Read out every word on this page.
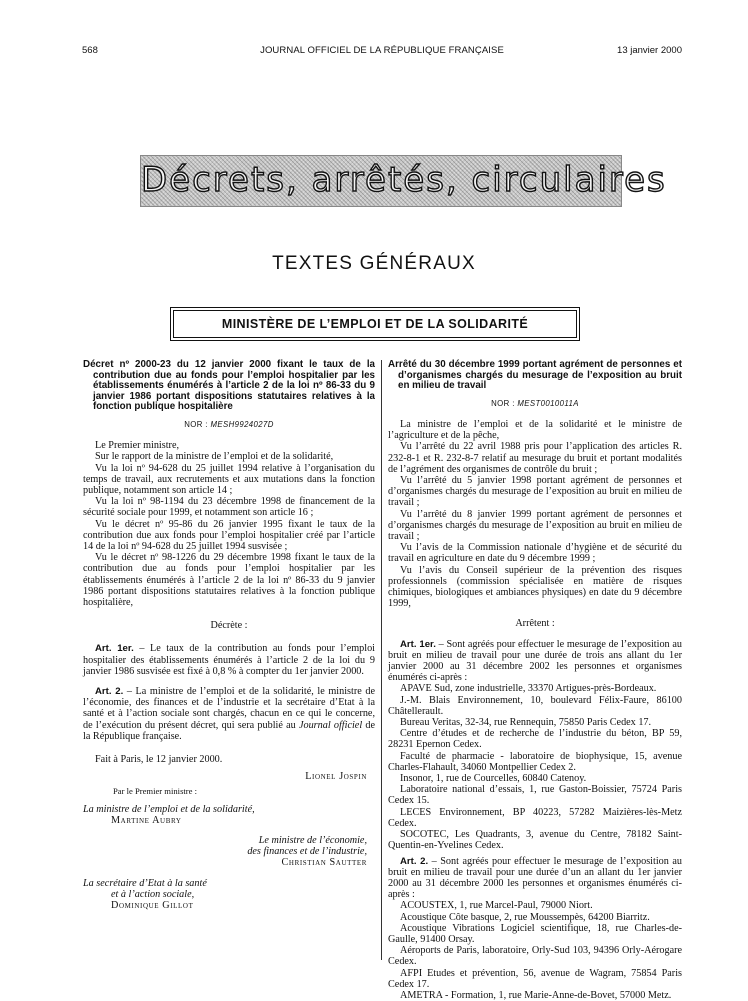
568	JOURNAL OFFICIEL DE LA RÉPUBLIQUE FRANÇAISE	13 janvier 2000
Décrets, arrêtés, circulaires
TEXTES GÉNÉRAUX
MINISTÈRE DE L’EMPLOI ET DE LA SOLIDARITÉ
Décret nº 2000-23 du 12 janvier 2000 fixant le taux de la contribution due au fonds pour l’emploi hospitalier par les établissements énumérés à l’article 2 de la loi nº 86-33 du 9 janvier 1986 portant dispositions statutaires relatives à la fonction publique hospitalière
NOR : MESH9924027D

Le Premier ministre,

Sur le rapport de la ministre de l’emploi et de la solidarité,

Vu la loi nº 94-628 du 25 juillet 1994 relative à l’organisation du temps de travail, aux recrutements et aux mutations dans la fonction publique, notamment son article 14 ;

Vu la loi nº 98-1194 du 23 décembre 1998 de financement de la sécurité sociale pour 1999, et notamment son article 16 ;

Vu le décret nº 95-86 du 26 janvier 1995 fixant le taux de la contribution due aux fonds pour l’emploi hospitalier créé par l’article 14 de la loi nº 94-628 du 25 juillet 1994 susvisée ;

Vu le décret nº 98-1226 du 29 décembre 1998 fixant le taux de la contribution due au fonds pour l’emploi hospitalier par les établissements énumérés à l’article 2 de la loi nº 86-33 du 9 janvier 1986 portant dispositions statutaires relatives à la fonction publique hospitalière,

Décrète :

Art. 1er. – Le taux de la contribution au fonds pour l’emploi hospitalier des établissements énumérés à l’article 2 de la loi du 9 janvier 1986 susvisée est fixé à 0,8 % à compter du 1er janvier 2000.

Art. 2. – La ministre de l’emploi et de la solidarité, le ministre de l’économie, des finances et de l’industrie et la secrétaire d’Etat à la santé et à l’action sociale sont chargés, chacun en ce qui le concerne, de l’exécution du présent décret, qui sera publié au Journal officiel de la République française.

Fait à Paris, le 12 janvier 2000.

Lionel Jospin

Par le Premier ministre :

La ministre de l’emploi et de la solidarité,

Martine Aubry

Le ministre de l’économie,

des finances et de l’industrie,

Christian Sautter

La secrétaire d’Etat à la santé

et à l’action sociale,

Dominique Gillot

Arrêté du 30 décembre 1999 portant agrément de personnes et d’organismes chargés du mesurage de l’exposition au bruit en milieu de travail
NOR : MEST0010011A

La ministre de l’emploi et de la solidarité et le ministre de l’agriculture et de la pêche,

Vu l’arrêté du 22 avril 1988 pris pour l’application des articles R. 232-8-1 et R. 232-8-7 relatif au mesurage du bruit et portant modalités de l’agrément des organismes de contrôle du bruit ;

Vu l’arrêté du 5 janvier 1998 portant agrément de personnes et d’organismes chargés du mesurage de l’exposition au bruit en milieu de travail ;

Vu l’arrêté du 8 janvier 1999 portant agrément de personnes et d’organismes chargés du mesurage de l’exposition au bruit en milieu de travail ;

Vu l’avis de la Commission nationale d’hygiène et de sécurité du travail en agriculture en date du 9 décembre 1999 ;

Vu l’avis du Conseil supérieur de la prévention des risques professionnels (commission spécialisée en matière de risques chimiques, biologiques et ambiances physiques) en date du 9 décembre 1999,

Arrêtent :

Art. 1er. – Sont agréés pour effectuer le mesurage de l’exposition au bruit en milieu de travail pour une durée de trois ans allant du 1er janvier 2000 au 31 décembre 2002 les personnes et organismes énumérés ci-après :

APAVE Sud, zone industrielle, 33370 Artigues-près-Bordeaux.

J.-M. Blais Environnement, 10, boulevard Félix-Faure, 86100 Châtellerault.

Bureau Veritas, 32-34, rue Rennequin, 75850 Paris Cedex 17.

Centre d’études et de recherche de l’industrie du béton, BP 59, 28231 Epernon Cedex.

Faculté de pharmacie - laboratoire de biophysique, 15, avenue Charles-Flahault, 34060 Montpellier Cedex 2.

Insonor, 1, rue de Courcelles, 60840 Catenoy.

Laboratoire national d’essais, 1, rue Gaston-Boissier, 75724 Paris Cedex 15.

LECES Environnement, BP 40223, 57282 Maizières-lès-Metz Cedex.

SOCOTEC, Les Quadrants, 3, avenue du Centre, 78182 Saint-Quentin-en-Yvelines Cedex.

Art. 2. – Sont agréés pour effectuer le mesurage de l’exposition au bruit en milieu de travail pour une durée d’un an allant du 1er janvier 2000 au 31 décembre 2000 les personnes et organismes énumérés ci-après :

ACOUSTEX, 1, rue Marcel-Paul, 79000 Niort.

Acoustique Côte basque, 2, rue Moussempès, 64200 Biarritz.

Acoustique Vibrations Logiciel scientifique, 18, rue Charles-de-Gaulle, 91400 Orsay.

Aéroports de Paris, laboratoire, Orly-Sud 103, 94396 Orly-Aérogare Cedex.

AFPI Etudes et prévention, 56, avenue de Wagram, 75854 Paris Cedex 17.

AMETRA - Formation, 1, rue Marie-Anne-de-Bovet, 57000 Metz.
